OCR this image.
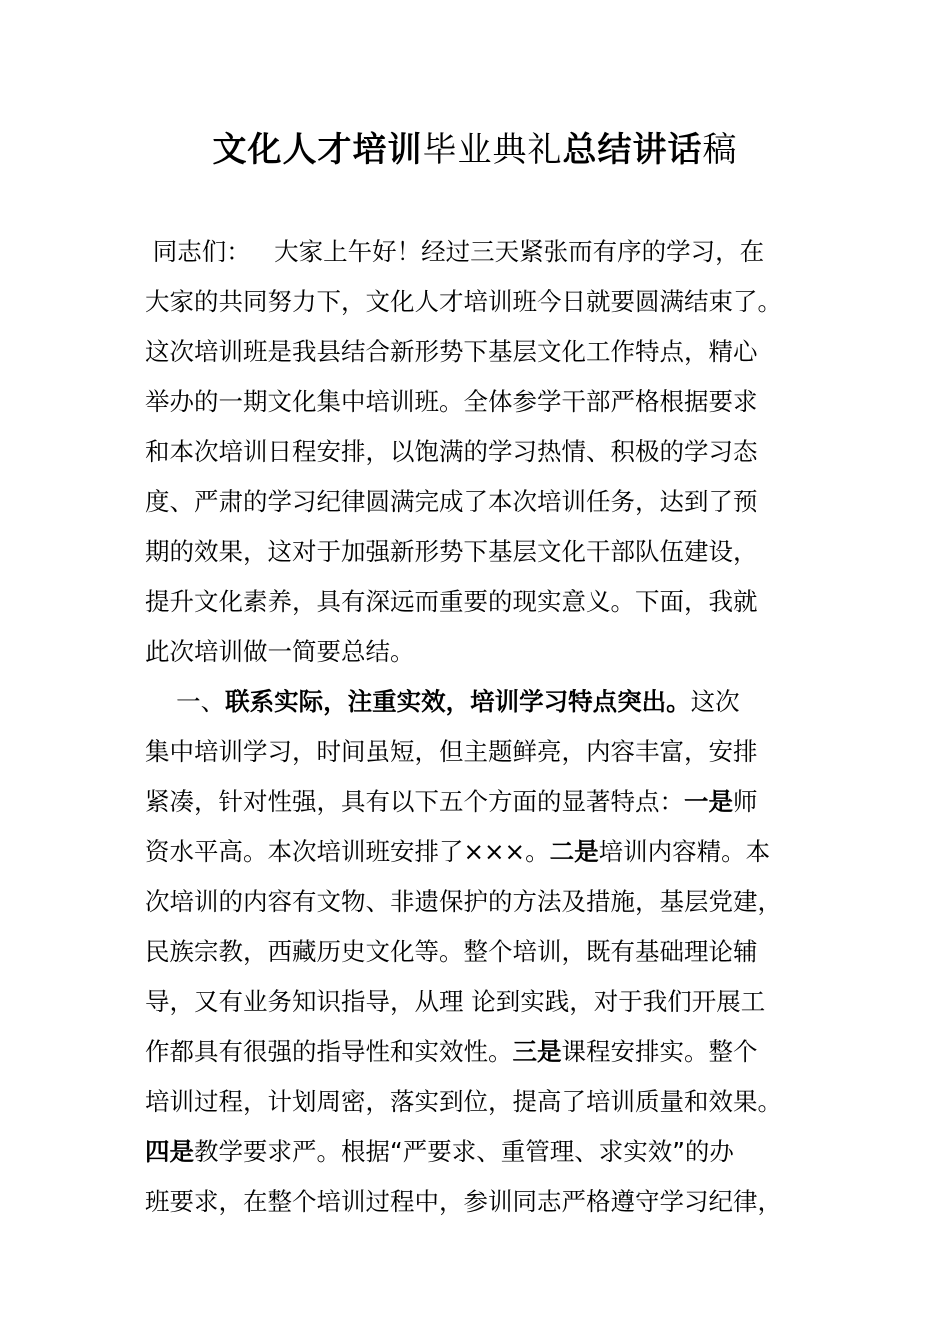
文化人才培训毕业典礼总结讲话稿
同志们：   大家上午好！经过三天紧张而有序的学习，在
大家的共同努力下，文化人才培训班今日就要圆满结束了。
这次培训班是我县结合新形势下基层文化工作特点，精心
举办的一期文化集中培训班。全体参学干部严格根据要求
和本次培训日程安排，以饱满的学习热情、积极的学习态
度、严肃的学习纪律圆满完成了本次培训任务，达到了预
期的效果，这对于加强新形势下基层文化干部队伍建设，
提升文化素养，具有深远而重要的现实意义。下面，我就
此次培训做一简要总结。
一、联系实际，注重实效，培训学习特点突出。这次
集中培训学习，时间虽短，但主题鲜亮，内容丰富，安排
紧凑，针对性强，具有以下五个方面的显著特点：一是师
资水平高。本次培训班安排了×××。二是培训内容精。本
次培训的内容有文物、非遗保护的方法及措施，基层党建，
民族宗教，西藏历史文化等。整个培训，既有基础理论辅
导，又有业务知识指导，从理 论到实践，对于我们开展工
作都具有很强的指导性和实效性。三是课程安排实。整个
培训过程，计划周密，落实到位，提高了培训质量和效果。
四是教学要求严。根据“严要求、重管理、求实效”的办
班要求，在整个培训过程中，参训同志严格遵守学习纪律，
